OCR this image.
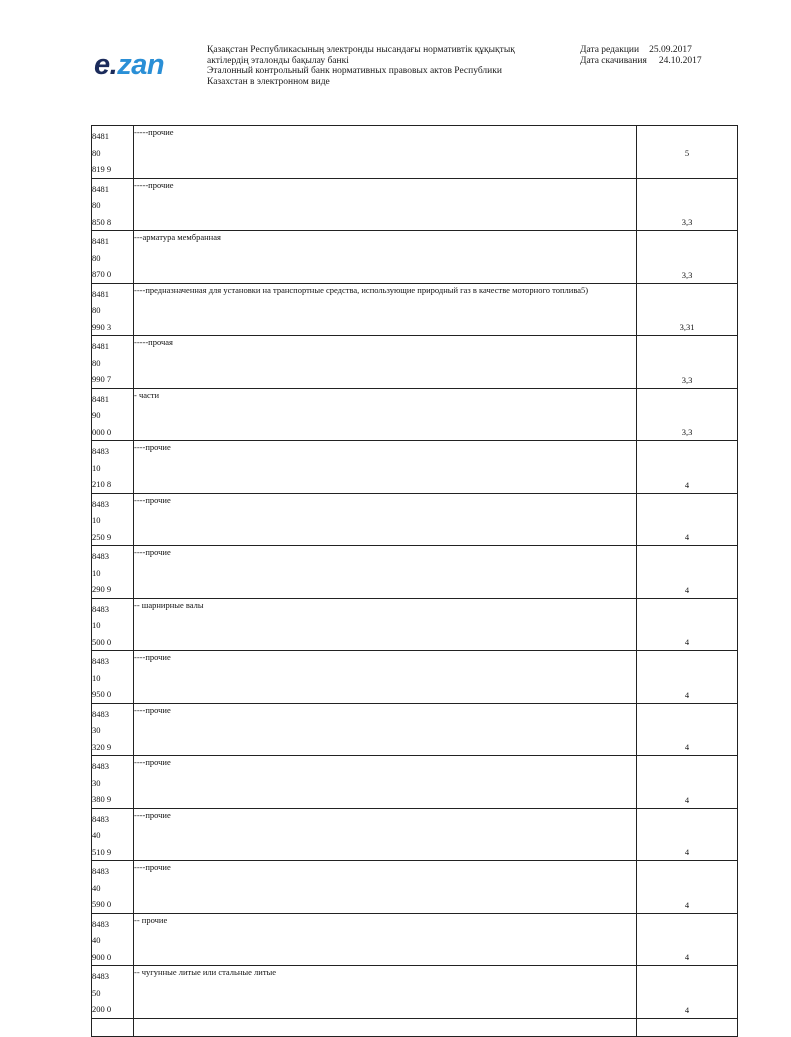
e.zan	Қазақстан Республикасының электронды нысандағы нормативтік құқықтық
актілердің эталонды бақылау банкі
Эталонный контрольный банк нормативных правовых актов Республики
Казахстан в электронном виде
Дата редакции 25.09.2017
Дата скачивания 24.10.2017
8481
80
819 9	-----прочие	5

8481
80
850 8	-----прочие	3,3

8481
80
870 0	---арматура мембранная	3,3

8481
80
990 3	----предназначенная для установки на транспортные средства, использующие природный газ в качестве моторного топлива5)	3,31

8481
80
990 7	-----прочая	3,3

8481
90
000 0	- части	3,3

8483
10
210 8	----прочие	4

8483
10
250 9	----прочие	4

8483
10
290 9	----прочие	4

8483
10
500 0	-- шарнирные валы	4

8483
10
950 0	----прочие	4

8483
30
320 9	----прочие	4

8483
30
380 9	----прочие	4

8483
40
510 9	----прочие	4

8483
40
590 0	----прочие	4

8483
40
900 0	-- прочие	4

8483
50
200 0	-- чугунные литые или стальные литые	4
